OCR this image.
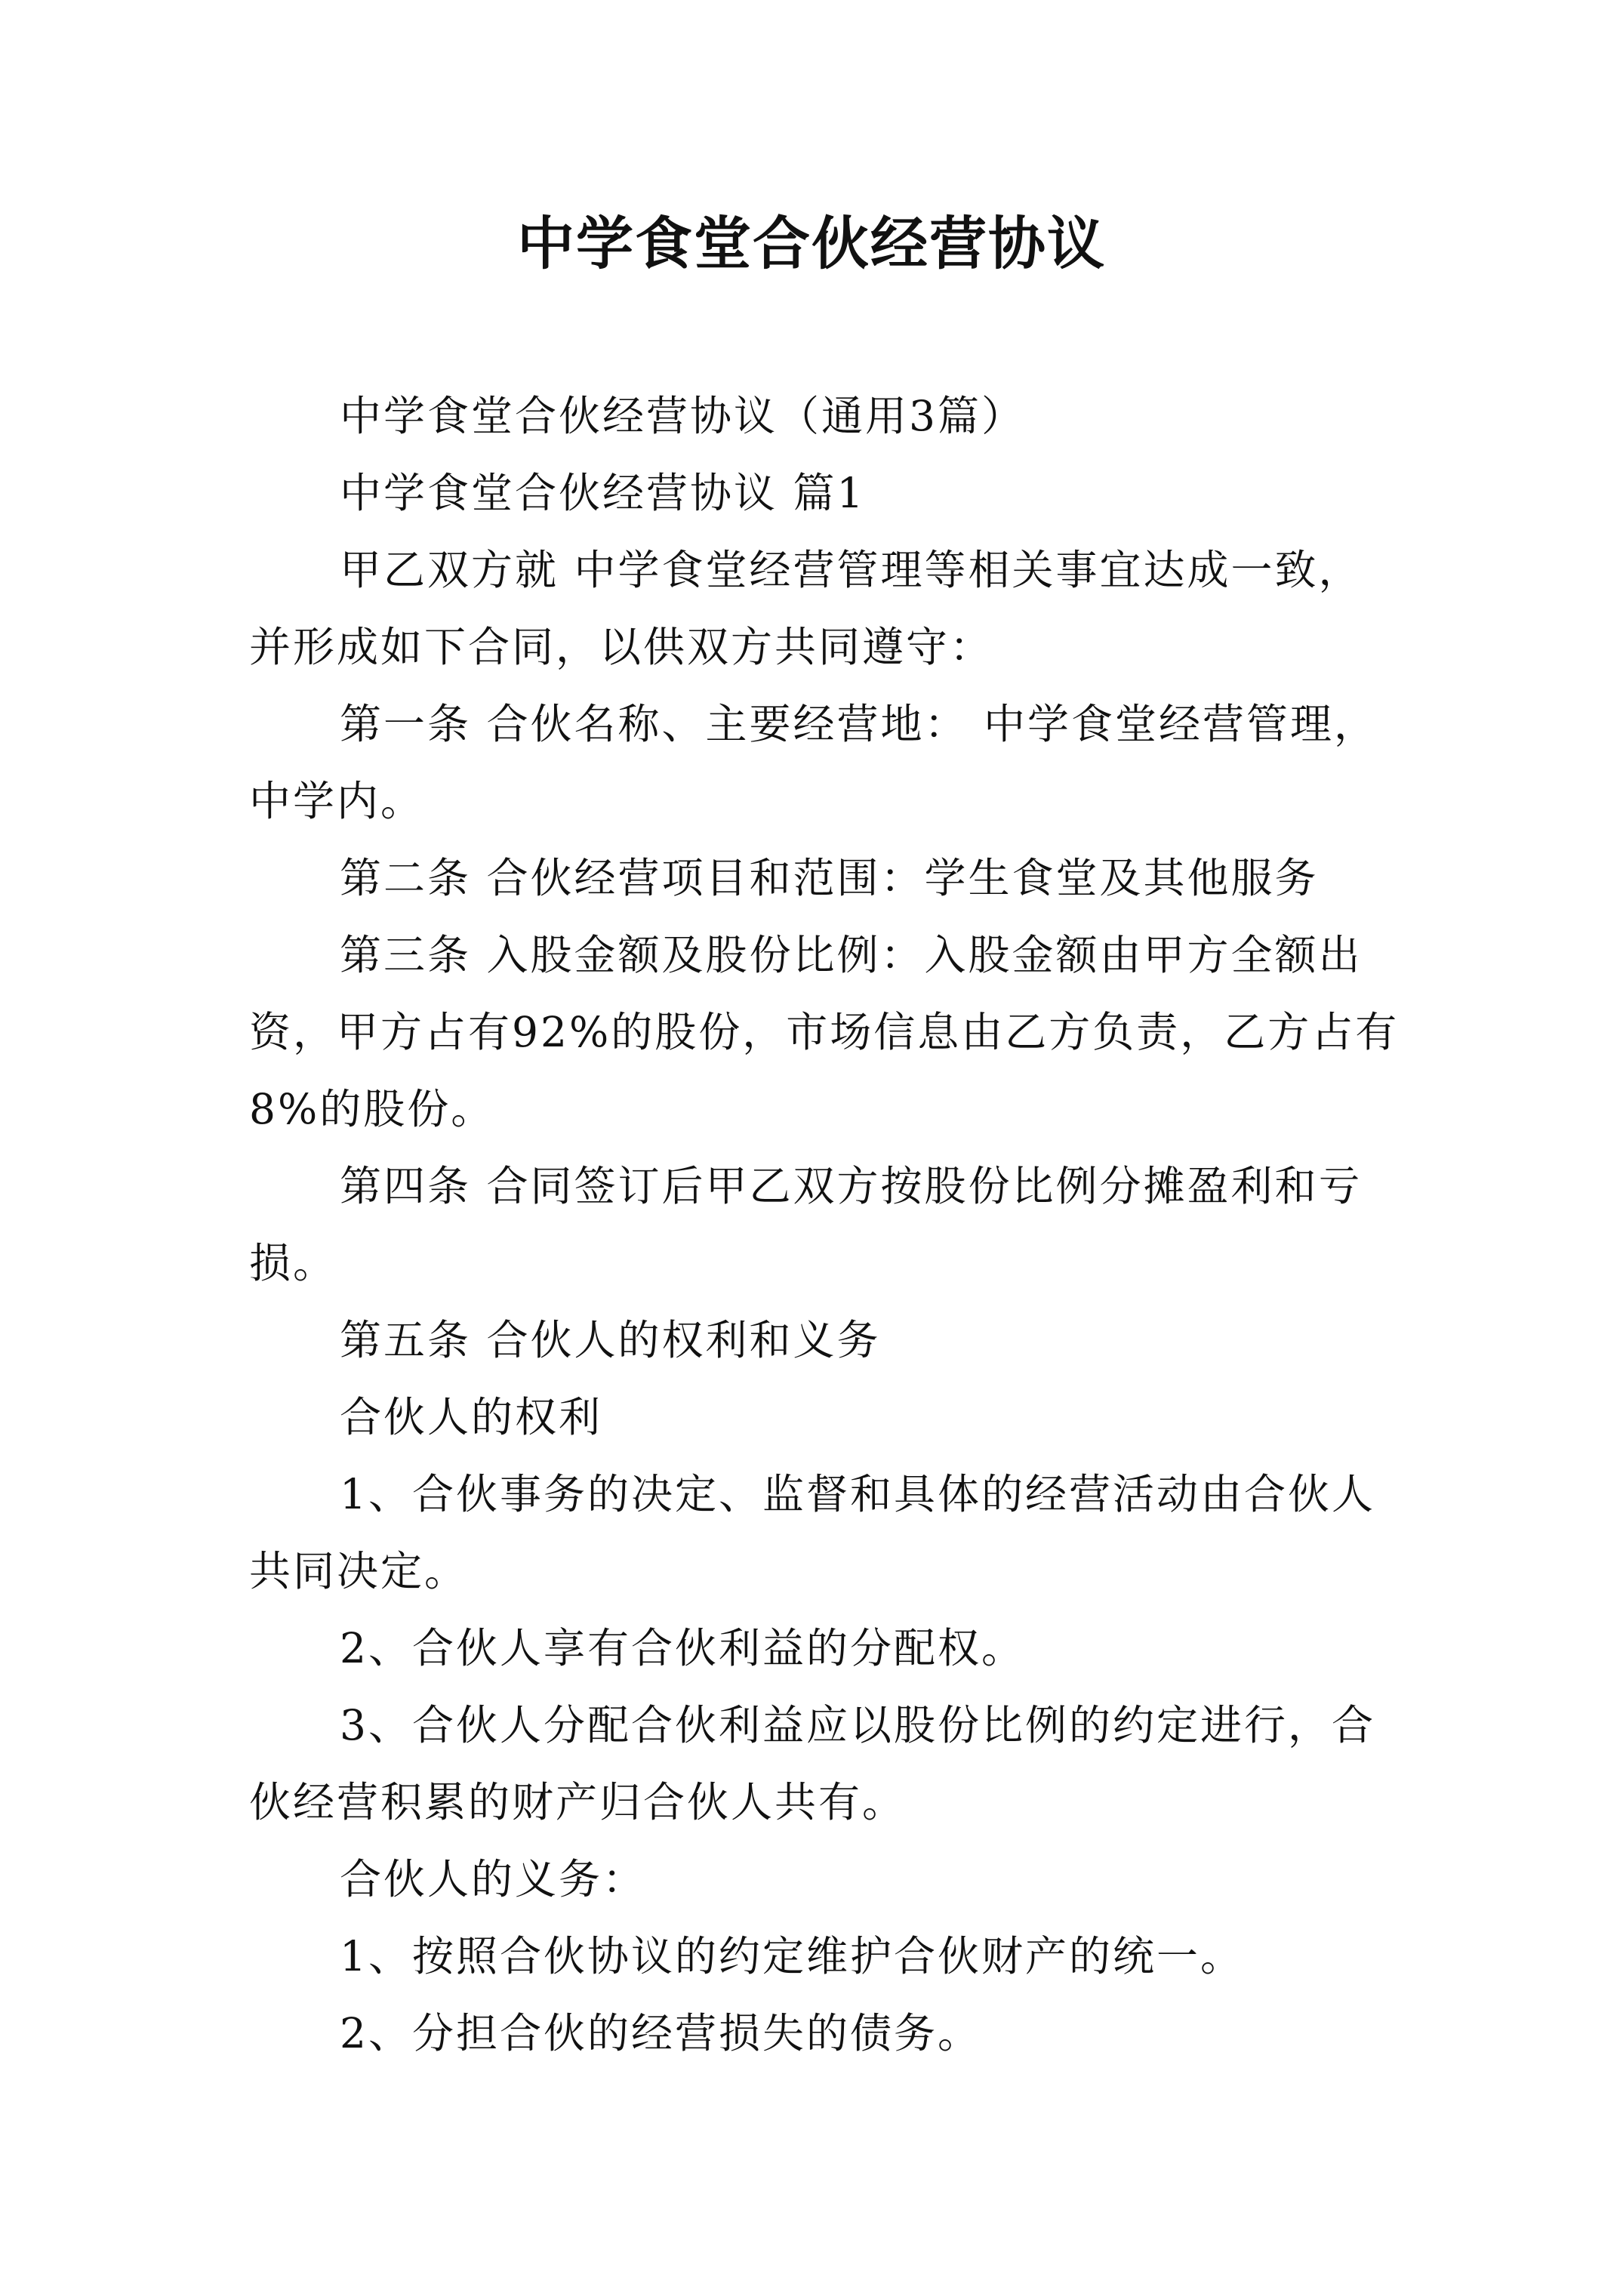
中学食堂合伙经营协议

中学食堂合伙经营协议（通用3篇）

中学食堂合伙经营协议 篇1

甲乙双方就 中学食堂经营管理等相关事宜达成一致，并形成如下合同，以供双方共同遵守：

第一条 合伙名称、主要经营地： 中学食堂经营管理，中学内。

第二条 合伙经营项目和范围：学生食堂及其他服务

第三条 入股金额及股份比例：入股金额由甲方全额出资，甲方占有92%的股份，市场信息由乙方负责，乙方占有8%的股份。

第四条 合同签订后甲乙双方按股份比例分摊盈利和亏损。

第五条 合伙人的权利和义务

合伙人的权利

1、合伙事务的决定、监督和具体的经营活动由合伙人共同决定。

2、合伙人享有合伙利益的分配权。

3、合伙人分配合伙利益应以股份比例的约定进行，合伙经营积累的财产归合伙人共有。

合伙人的义务：

1、按照合伙协议的约定维护合伙财产的统一。

2、分担合伙的经营损失的债务。
